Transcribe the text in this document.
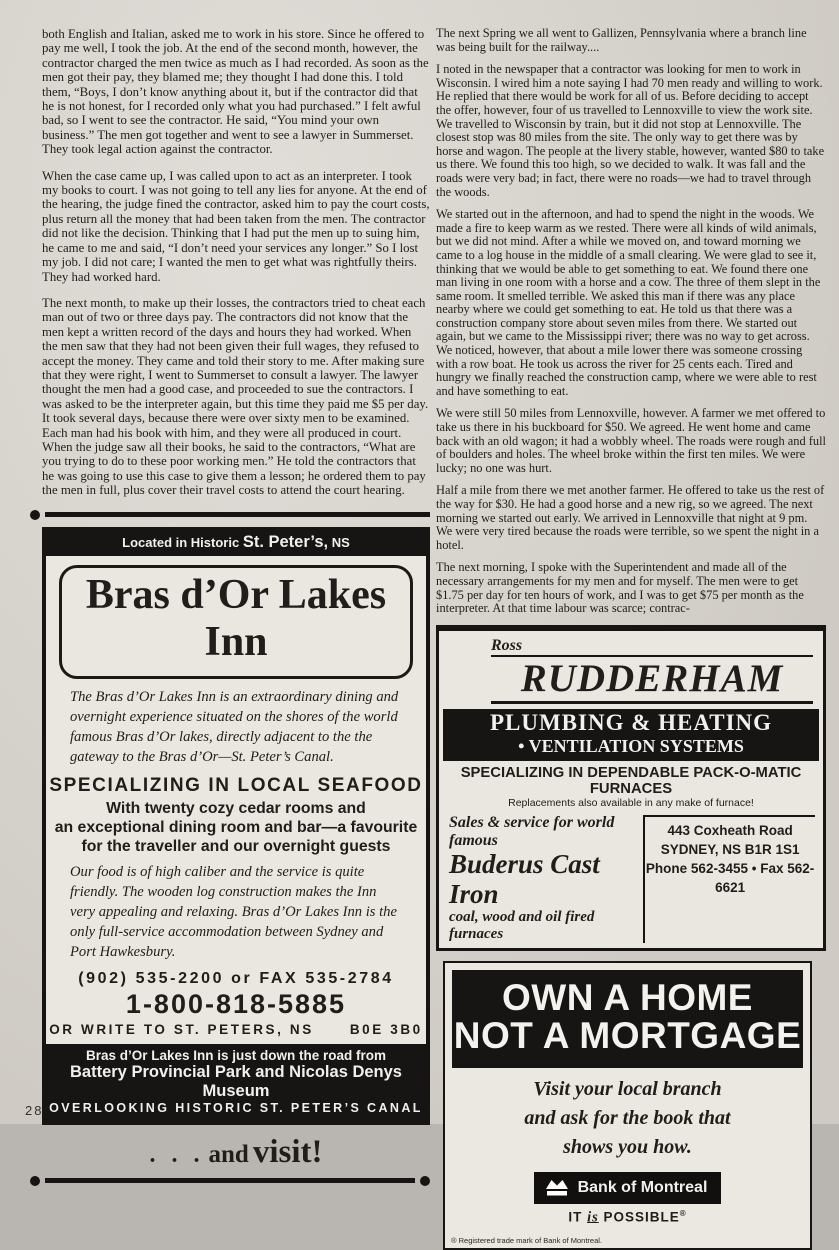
both English and Italian, asked me to work in his store. Since he offered to pay me well, I took the job. At the end of the second month, however, the contractor charged the men twice as much as I had recorded. As soon as the men got their pay, they blamed me; they thought I had done this. I told them, “Boys, I don’t know anything about it, but if the contractor did that he is not honest, for I recorded only what you had purchased.” I felt awful bad, so I went to see the contractor. He said, “You mind your own business.” The men got together and went to see a lawyer in Summerset. They took legal action against the contractor.

When the case came up, I was called upon to act as an interpreter. I took my books to court. I was not going to tell any lies for anyone. At the end of the hearing, the judge fined the contractor, asked him to pay the court costs, plus return all the money that had been taken from the men. The contractor did not like the decision. Thinking that I had put the men up to suing him, he came to me and said, “I don’t need your services any longer.” So I lost my job. I did not care; I wanted the men to get what was rightfully theirs. They had worked hard.

The next month, to make up their losses, the contractors tried to cheat each man out of two or three days pay. The contractors did not know that the men kept a written record of the days and hours they had worked. When the men saw that they had not been given their full wages, they refused to accept the money. They came and told their story to me. After making sure that they were right, I went to Summerset to consult a lawyer. The lawyer thought the men had a good case, and proceeded to sue the contractors. I was asked to be the interpreter again, but this time they paid me $5 per day. It took several days, because there were over sixty men to be examined. Each man had his book with him, and they were all produced in court. When the judge saw all their books, he said to the contractors, “What are you trying to do to these poor working men.” He told the contractors that he was going to use this case to give them a lesson; he ordered them to pay the men in full, plus cover their travel costs to attend the court hearing.

Located in Historic St. Peter’s, NS
Bras d’Or Lakes
Inn

The Bras d’Or Lakes Inn is an extraordinary dining and overnight experience situated on the shores of the world famous Bras d’Or lakes, directly adjacent to the the gateway to the Bras d’Or—St. Peter’s Canal.

SPECIALIZING IN LOCAL SEAFOOD
With twenty cozy cedar rooms and
an exceptional dining room and bar—a favourite
for the traveller and our overnight guests

Our food is of high caliber and the service is quite friendly. The wooden log construction makes the Inn very appealing and relaxing. Bras d’Or Lakes Inn is the only full-service accommodation between Sydney and Port Hawkesbury.

(902) 535-2200 or FAX 535-2784
1-800-818-5885
OR WRITE TO ST. PETERS, NS	B0E 3B0
Bras d’Or Lakes Inn is just down the road from
Battery Provincial Park and Nicolas Denys Museum
OVERLOOKING HISTORIC ST. PETER’S CANAL
. . . and visit!

The next Spring we all went to Gallizen, Pennsylvania where a branch line was being built for the railway....

I noted in the newspaper that a contractor was looking for men to work in Wisconsin. I wired him a note saying I had 70 men ready and willing to work. He replied that there would be work for all of us. Before deciding to accept the offer, however, four of us travelled to Lennoxville to view the work site. We travelled to Wisconsin by train, but it did not stop at Lennoxville. The closest stop was 80 miles from the site. The only way to get there was by horse and wagon. The people at the livery stable, however, wanted $80 to take us there. We found this too high, so we decided to walk. It was fall and the roads were very bad; in fact, there were no roads—we had to travel through the woods.

We started out in the afternoon, and had to spend the night in the woods. We made a fire to keep warm as we rested. There were all kinds of wild animals, but we did not mind. After a while we moved on, and toward morning we came to a log house in the middle of a small clearing. We were glad to see it, thinking that we would be able to get something to eat. We found there one man living in one room with a horse and a cow. The three of them slept in the same room. It smelled terrible. We asked this man if there was any place nearby where we could get something to eat. He told us that there was a construction company store about seven miles from there. We started out again, but we came to the Mississippi river; there was no way to get across. We noticed, however, that about a mile lower there was someone crossing with a row boat. He took us across the river for 25 cents each. Tired and hungry we finally reached the construction camp, where we were able to rest and have something to eat.

We were still 50 miles from Lennoxville, however. A farmer we met offered to take us there in his buckboard for $50. We agreed. He went home and came back with an old wagon; it had a wobbly wheel. The roads were rough and full of boulders and holes. The wheel broke within the first ten miles. We were lucky; no one was hurt.

Half a mile from there we met another farmer. He offered to take us the rest of the way for $30. He had a good horse and a new rig, so we agreed. The next morning we started out early. We arrived in Lennoxville that night at 9 pm. We were very tired because the roads were terrible, so we spent the night in a hotel.

The next morning, I spoke with the Superintendent and made all of the necessary arrangements for my men and for myself. The men were to get $1.75 per day for ten hours of work, and I was to get $75 per month as the interpreter. At that time labour was scarce; contrac-

Ross
RUDDERHAM
PLUMBING & HEATING
• VENTILATION SYSTEMS
SPECIALIZING IN DEPENDABLE PACK-O-MATIC FURNACES
Replacements also available in any make of furnace!
Sales & service for world famous
Buderus Cast Iron
coal, wood and oil fired furnaces
443 Coxheath Road
SYDNEY, NS B1R 1S1
Phone 562-3455 • Fax 562-6621
OWN A HOME
NOT A MORTGAGE
Visit your local branch
and ask for the book that
shows you how.
Bank of Montreal
IT is POSSIBLE®
® Registered trade mark of Bank of Montreal.
28
